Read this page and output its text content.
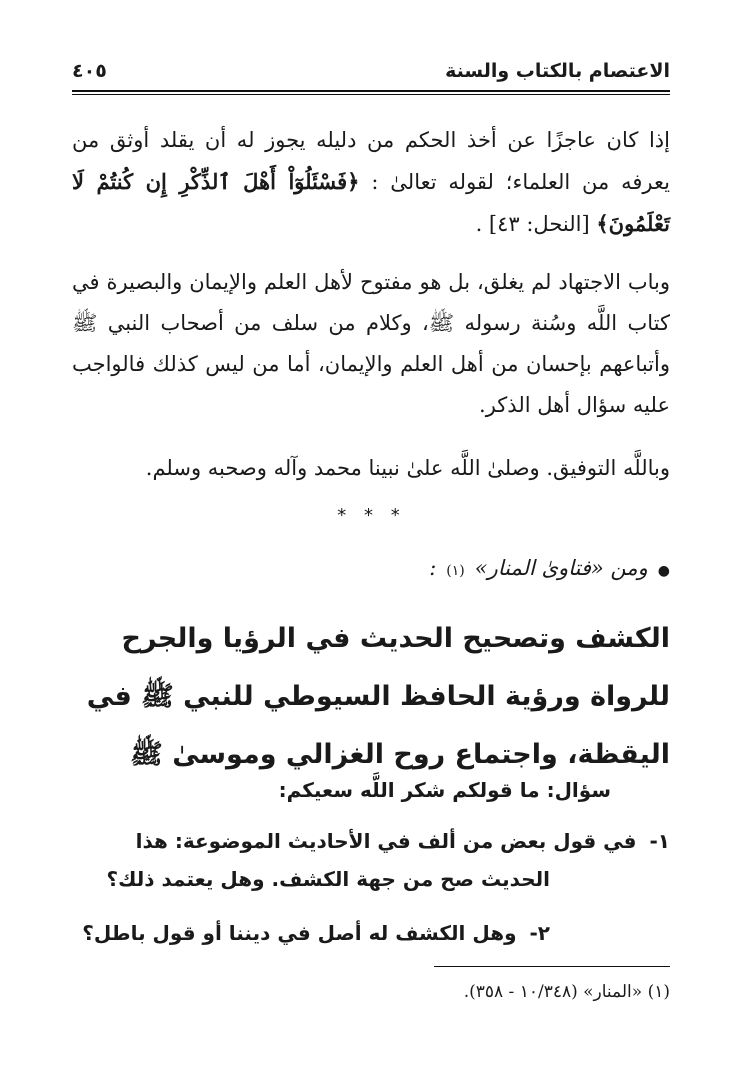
الاعتصام بالكتاب والسنة
٤٠٥

إذا كان عاجزًا عن أخذ الحكم من دليله يجوز له أن يقلد أوثق من يعرفه من العلماء؛ لقوله تعالىٰ : ﴿فَسْئَلُوٓاْ أَهْلَ ٱلذِّكْرِ إِن كُنتُمْ لَا تَعْلَمُونَ﴾ [النحل: ٤٣] .

وباب الاجتهاد لم يغلق، بل هو مفتوح لأهل العلم والإيمان والبصيرة في كتاب اللَّه وسُنة رسوله ﷺ، وكلام من سلف من أصحاب النبي ﷺ وأتباعهم بإحسان من أهل العلم والإيمان، أما من ليس كذلك فالواجب عليه سؤال أهل الذكر.

وباللَّه التوفيق. وصلىٰ اللَّه علىٰ نبينا محمد وآله وصحبه وسلم.

* * *

●
ومن «فتاوىٰ المنار»
(١)
:

الكشف وتصحيح الحديث في الرؤيا والجرح
للرواة ورؤية الحافظ السيوطي للنبي ﷺ في
اليقظة، واجتماع روح الغزالي وموسىٰ ﷺ

سؤال: ما قولكم شكر اللَّه سعيكم:

١- في قول بعض من ألف في الأحاديث الموضوعة: هذا
الحديث صح من جهة الكشف. وهل يعتمد ذلك؟
٢- وهل الكشف له أصل في ديننا أو قول باطل؟

(١) «المنار» (١٠/٣٤٨ - ٣٥٨).
